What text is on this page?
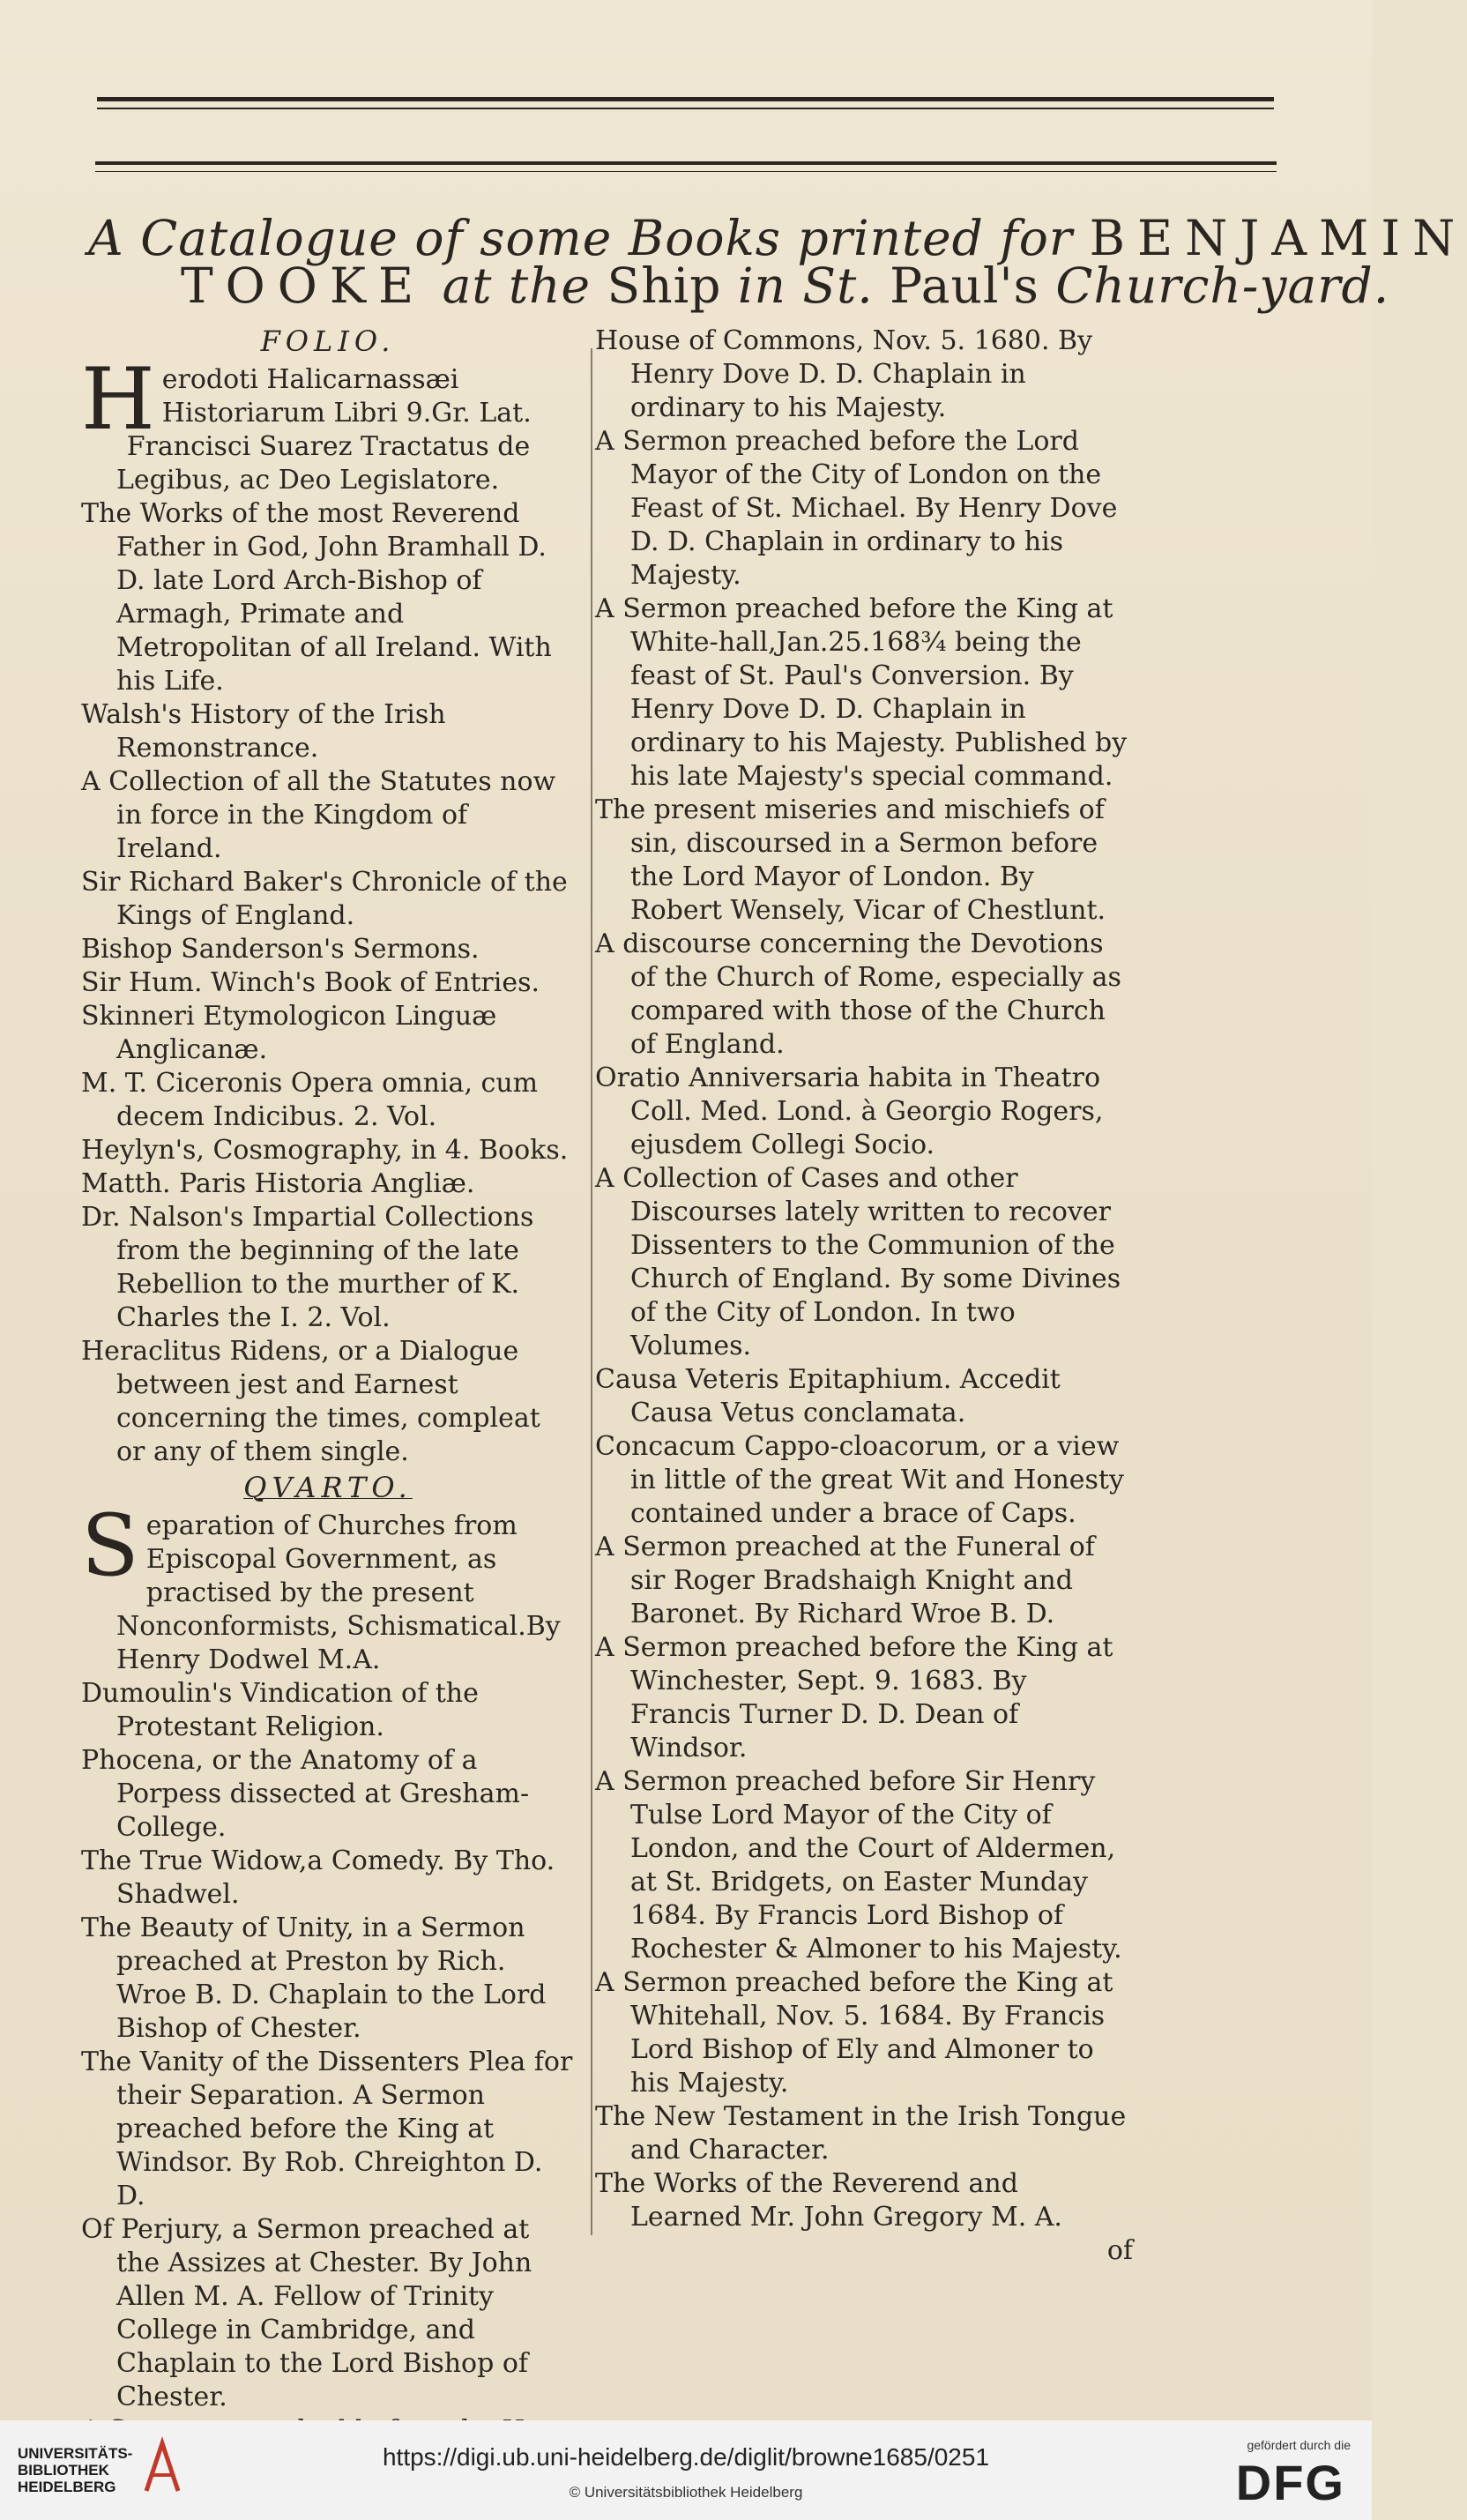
A Catalogue of some Books printed for BENJAMIN
TOOKE at the Ship in St. Paul's Church-yard.
FOLIO.

Herodoti Halicarnassæi Historiarum Libri 9.Gr. Lat.

Francisci Suarez Tractatus de Legibus, ac Deo Legislatore.

The Works of the most Reverend Father in God, John Bramhall D. D. late Lord Arch-Bishop of Armagh, Primate and Metropolitan of all Ireland. With his Life.

Walsh's History of the Irish Remonstrance.

A Collection of all the Statutes now in force in the Kingdom of Ireland.

Sir Richard Baker's Chronicle of the Kings of England.

Bishop Sanderson's Sermons.

Sir Hum. Winch's Book of Entries.

Skinneri Etymologicon Linguæ Anglicanæ.

M. T. Ciceronis Opera omnia, cum decem Indicibus. 2. Vol.

Heylyn's, Cosmography, in 4. Books.

Matth. Paris Historia Angliæ.

Dr. Nalson's Impartial Collections from the beginning of the late Rebellion to the murther of K. Charles the I. 2. Vol.

Heraclitus Ridens, or a Dialogue between jest and Earnest concerning the times, compleat or any of them single.

QVARTO.

Separation of Churches from Episcopal Government, as practised by the present Nonconformists, Schismatical.By Henry Dodwel M.A.

Dumoulin's Vindication of the Protestant Religion.

Phocena, or the Anatomy of a Porpess dissected at Gresham-College.

The True Widow,a Comedy. By Tho. Shadwel.

The Beauty of Unity, in a Sermon preached at Preston by Rich. Wroe B. D. Chaplain to the Lord Bishop of Chester.

The Vanity of the Dissenters Plea for their Separation. A Sermon preached before the King at Windsor. By Rob. Chreighton D. D.

Of Perjury, a Sermon preached at the Assizes at Chester. By John Allen M. A. Fellow of Trinity College in Cambridge, and Chaplain to the Lord Bishop of Chester.

House of Commons, Nov. 5. 1680. By Henry Dove D. D. Chaplain in ordinary to his Majesty.

A Sermon preached before the Lord Mayor of the City of London on the Feast of St. Michael. By Henry Dove D. D. Chaplain in ordinary to his Majesty.

A Sermon preached before the King at White-hall,Jan.25.168¾ being the feast of St. Paul's Conversion. By Henry Dove D. D. Chaplain in ordinary to his Majesty. Published by his late Majesty's special command.

The present miseries and mischiefs of sin, discoursed in a Sermon before the Lord Mayor of London. By Robert Wensely, Vicar of Chestlunt.

A discourse concerning the Devotions of the Church of Rome, especially as compared with those of the Church of England.

Oratio Anniversaria habita in Theatro Coll. Med. Lond. à Georgio Rogers, ejusdem Collegi Socio.

A Collection of Cases and other Discourses lately written to recover Dissenters to the Communion of the Church of England. By some Divines of the City of London. In two Volumes.

Causa Veteris Epitaphium. Accedit Causa Vetus conclamata.

Concacum Cappo-cloacorum, or a view in little of the great Wit and Honesty contained under a brace of Caps.

A Sermon preached at the Funeral of sir Roger Bradshaigh Knight and Baronet. By Richard Wroe B. D.

A Sermon preached before the King at Winchester, Sept. 9. 1683. By Francis Turner D. D. Dean of Windsor.

A Sermon preached before Sir Henry Tulse Lord Mayor of the City of London, and the Court of Aldermen, at St. Bridgets, on Easter Munday 1684. By Francis Lord Bishop of Rochester & Almoner to his Majesty.

A Sermon preached before the King at Whitehall, Nov. 5. 1684. By Francis Lord Bishop of Ely and Almoner to his Majesty.

The New Testament in the Irish Tongue and Character.

The Works of the Reverend and Learned Mr. John Gregory M. A.

of
UNIVERSITÄTS-
BIBLIOTHEK
HEIDELBERG
https://digi.ub.uni-heidelberg.de/diglit/browne1685/0251
© Universitätsbibliothek Heidelberg
gefördert durch die
DFG
